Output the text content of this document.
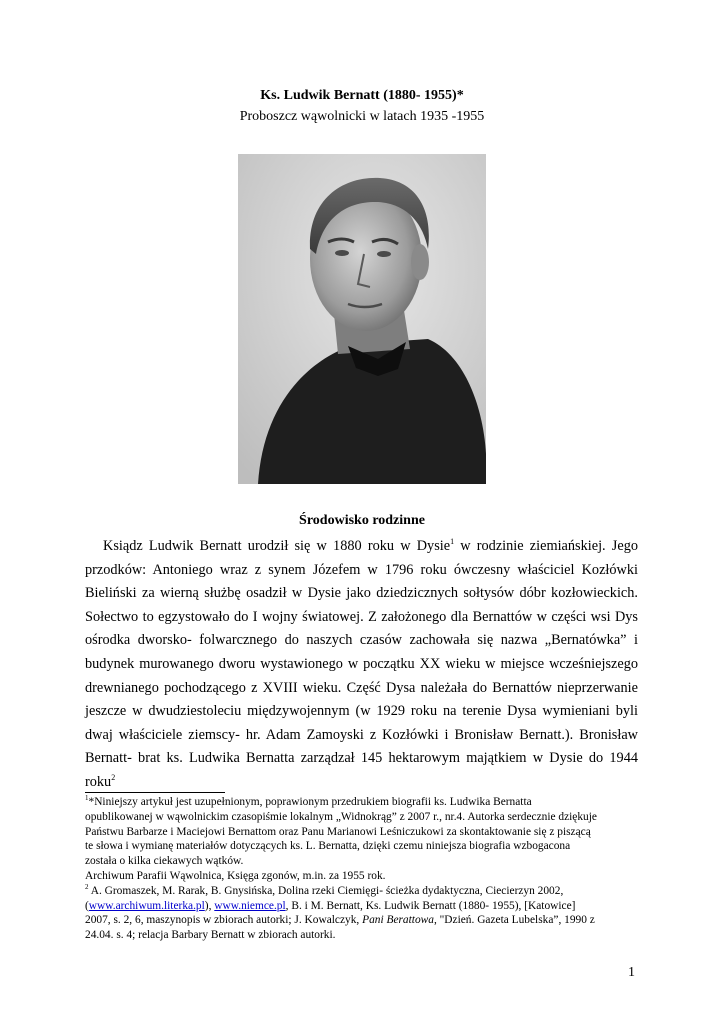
Ks. Ludwik Bernatt (1880- 1955)*
Proboszcz wąwolnicki w latach 1935 -1955
Środowisko rodzinne

Ksiądz Ludwik Bernatt urodził się w 1880 roku w Dysie$^1$ w rodzinie ziemiańskiej. Jego przodków: Antoniego wraz z synem Józefem w 1796 roku ówczesny właściciel Kozłówki Bieliński za wierną służbę osadził w Dysie jako dziedzicznych sołtysów dóbr kozłowieckich. Sołectwo to egzystowało do I wojny światowej. Z założonego dla Bernattów w części wsi Dys ośrodka dworsko- folwarcznego do naszych czasów zachowała się nazwa „Bernatówka” i budynek murowanego dworu wystawionego w początku XX wieku w miejsce wcześniejszego drewnianego pochodzącego z XVIII wieku. Część Dysa należała do Bernattów nieprzerwanie jeszcze w dwudziestoleciu międzywojennym (w 1929 roku na terenie Dysa wymieniani byli dwaj właściciele ziemscy- hr. Adam Zamoyski z Kozłówki i Bronisław Bernatt.). Bronisław Bernatt- brat ks. Ludwika Bernatta zarządzał 145 hektarowym majątkiem w Dysie do 1944 roku$^2$

$^1$*Niniejszy artykuł jest uzupełnionym, poprawionym przedrukiem biografii ks. Ludwika Bernatta
opublikowanej w wąwolnickim czasopiśmie lokalnym „Widnokrąg” z 2007 r., nr.4. Autorka serdecznie dziękuje
Państwu Barbarze i Maciejowi Bernattom oraz Panu Marianowi Leśniczukowi za skontaktowanie się z piszącą
te słowa i wymianę materiałów dotyczących ks. L. Bernatta, dzięki czemu niniejsza biografia wzbogacona
została o kilka ciekawych wątków.
Archiwum Parafii Wąwolnica, Księga zgonów, m.in. za 1955 rok.
$^2$ A. Gromaszek, M. Rarak, B. Gnysińska, Dolina rzeki Ciemięgi- ścieżka dydaktyczna, Ciecierzyn 2002,
(www.archiwum.literka.pl), www.niemce.pl, B. i M. Bernatt, Ks. Ludwik Bernatt (1880- 1955), [Katowice]
2007, s. 2, 6, maszynopis w zbiorach autorki; J. Kowalczyk, Pani Berattowa, "Dzień. Gazeta Lubelska”, 1990 z
24.04. s. 4; relacja Barbary Bernatt w zbiorach autorki.
1
